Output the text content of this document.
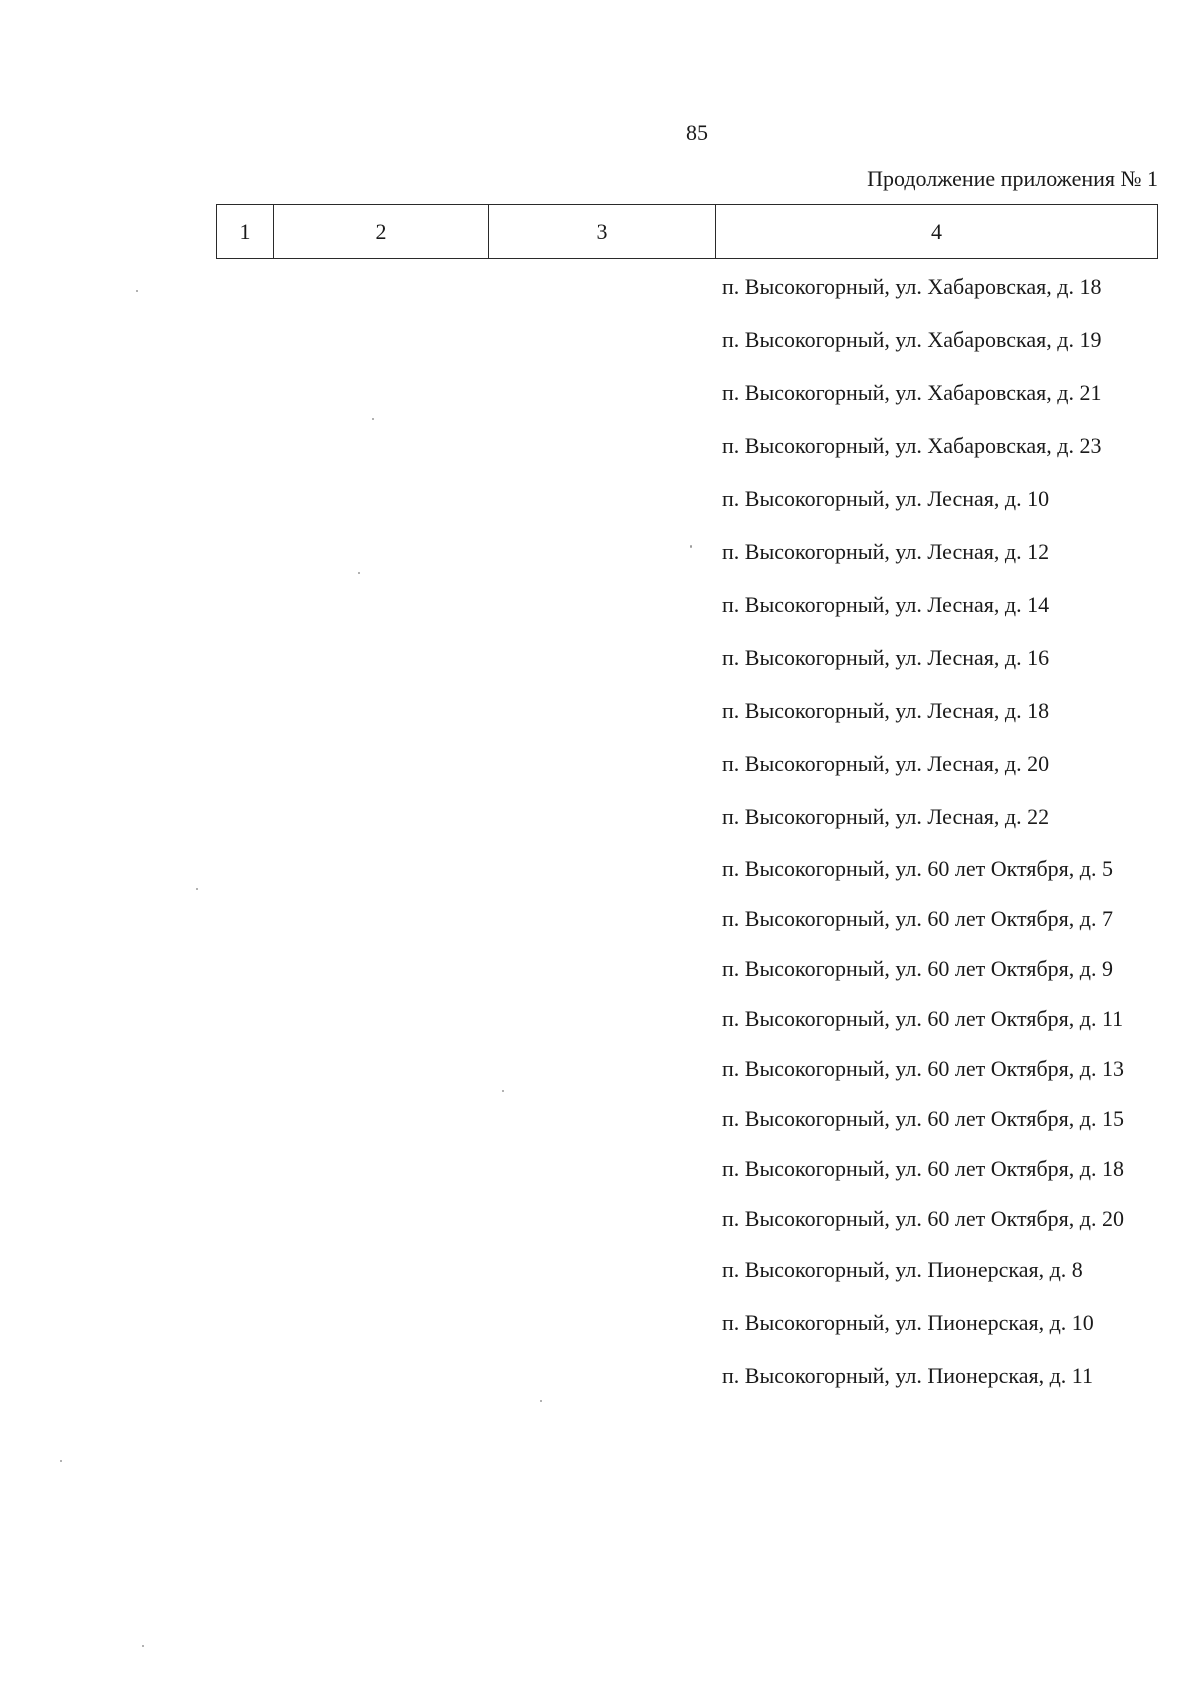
85
Продолжение приложения № 1
1	2	3	4
п. Высокогорный, ул. Хабаровская, д. 18
п. Высокогорный, ул. Хабаровская, д. 19
п. Высокогорный, ул. Хабаровская, д. 21
п. Высокогорный, ул. Хабаровская, д. 23
п. Высокогорный, ул. Лесная, д. 10
п. Высокогорный, ул. Лесная, д. 12
п. Высокогорный, ул. Лесная, д. 14
п. Высокогорный, ул. Лесная, д. 16
п. Высокогорный, ул. Лесная, д. 18
п. Высокогорный, ул. Лесная, д. 20
п. Высокогорный, ул. Лесная, д. 22
п. Высокогорный, ул. 60 лет Октября, д. 5
п. Высокогорный, ул. 60 лет Октября, д. 7
п. Высокогорный, ул. 60 лет Октября, д. 9
п. Высокогорный, ул. 60 лет Октября, д. 11
п. Высокогорный, ул. 60 лет Октября, д. 13
п. Высокогорный, ул. 60 лет Октября, д. 15
п. Высокогорный, ул. 60 лет Октября, д. 18
п. Высокогорный, ул. 60 лет Октября, д. 20
п. Высокогорный, ул. Пионерская, д. 8
п. Высокогорный, ул. Пионерская, д. 10
п. Высокогорный, ул. Пионерская, д. 11
